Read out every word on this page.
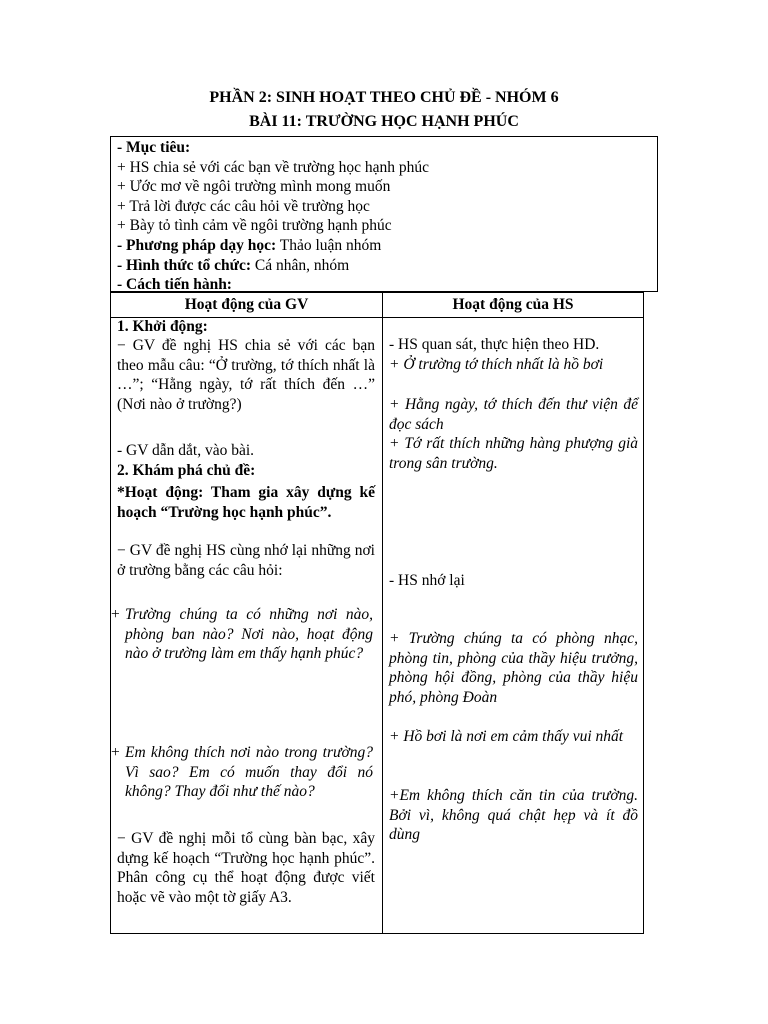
PHẦN 2: SINH HOẠT THEO CHỦ ĐỀ - NHÓM 6
BÀI 11: TRƯỜNG HỌC HẠNH PHÚC
- Mục tiêu:
+ HS chia sẻ với các bạn về trường học hạnh phúc
+ Ước mơ về ngôi trường mình mong muốn
+ Trả lời được các câu hỏi về trường học
+ Bày tỏ tình cảm về ngôi trường hạnh phúc
- Phương pháp dạy học: Thảo luận nhóm
- Hình thức tổ chức: Cá nhân, nhóm
- Cách tiến hành:
Hoạt động của GV	Hoạt động của HS
1. Khởi động:
− GV đề nghị HS chia sẻ với các bạn theo mẫu câu: “Ở trường, tớ thích nhất là …”; “Hằng ngày, tớ rất thích đến …” (Nơi nào ở trường?)
- GV dẫn dắt, vào bài.
2. Khám phá chủ đề:
*Hoạt động: Tham gia xây dựng kế hoạch “Trường học hạnh phúc”.
− GV đề nghị HS cùng nhớ lại những nơi ở trường bằng các câu hỏi:
+ Trường chúng ta có những nơi nào, phòng ban nào? Nơi nào, hoạt động nào ở trường làm em thấy hạnh phúc?
+ Em không thích nơi nào trong trường? Vì sao? Em có muốn thay đổi nó không? Thay đổi như thế nào?
− GV đề nghị mỗi tổ cùng bàn bạc, xây dựng kế hoạch “Trường học hạnh phúc”. Phân công cụ thể hoạt động được viết hoặc vẽ vào một tờ giấy A3.
- HS quan sát, thực hiện theo HD.
+ Ở trường tớ thích nhất là hồ bơi
+ Hằng ngày, tớ thích đến thư viện để đọc sách
+ Tớ rất thích những hàng phượng già trong sân trường.
- HS nhớ lại
+ Trường chúng ta có phòng nhạc, phòng tin, phòng của thầy hiệu trưởng, phòng hội đồng, phòng của thầy hiệu phó, phòng Đoàn
+ Hồ bơi là nơi em cảm thấy vui nhất
+Em không thích căn tin của trường. Bởi vì, không quá chật hẹp và ít đồ dùng
